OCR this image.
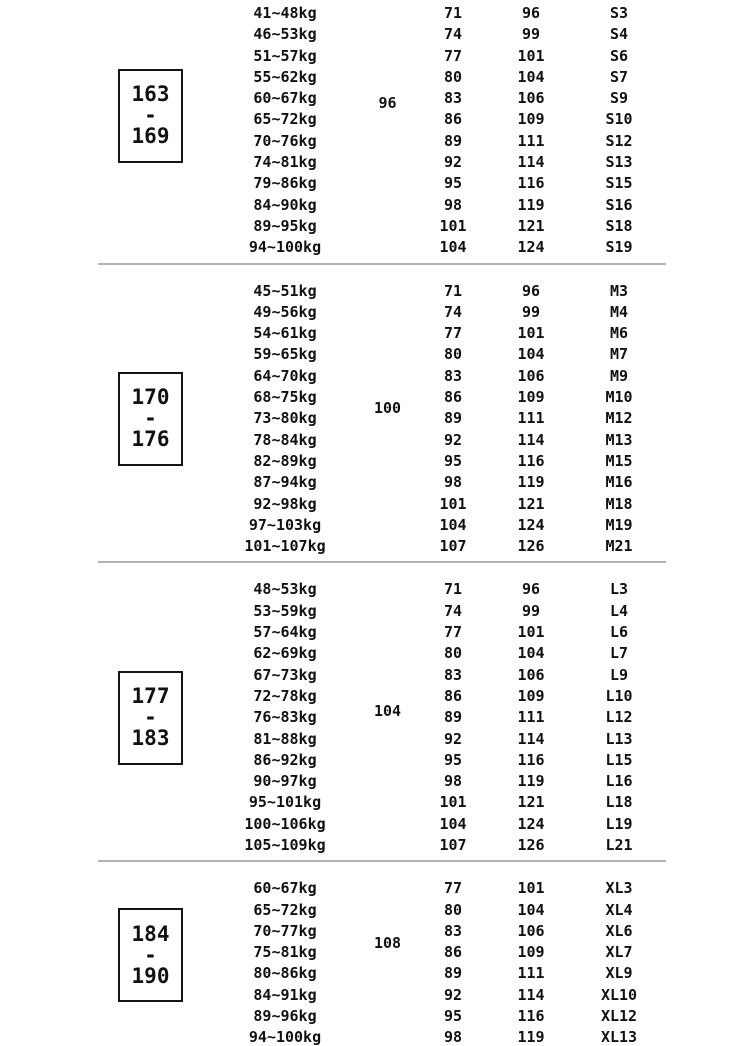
163
-
169
41~48kg
46~53kg
51~57kg
55~62kg
60~67kg
65~72kg
70~76kg
74~81kg
79~86kg
84~90kg
89~95kg
94~100kg
96
71
74
77
80
83
86
89
92
95
98
101
104
96
99
101
104
106
109
111
114
116
119
121
124
S3
S4
S6
S7
S9
S10
S12
S13
S15
S16
S18
S19
170
-
176
45~51kg
49~56kg
54~61kg
59~65kg
64~70kg
68~75kg
73~80kg
78~84kg
82~89kg
87~94kg
92~98kg
97~103kg
101~107kg
100
71
74
77
80
83
86
89
92
95
98
101
104
107
96
99
101
104
106
109
111
114
116
119
121
124
126
M3
M4
M6
M7
M9
M10
M12
M13
M15
M16
M18
M19
M21
177
-
183
48~53kg
53~59kg
57~64kg
62~69kg
67~73kg
72~78kg
76~83kg
81~88kg
86~92kg
90~97kg
95~101kg
100~106kg
105~109kg
104
71
74
77
80
83
86
89
92
95
98
101
104
107
96
99
101
104
106
109
111
114
116
119
121
124
126
L3
L4
L6
L7
L9
L10
L12
L13
L15
L16
L18
L19
L21
184
-
190
60~67kg
65~72kg
70~77kg
75~81kg
80~86kg
84~91kg
89~96kg
94~100kg
108
77
80
83
86
89
92
95
98
101
104
106
109
111
114
116
119
XL3
XL4
XL6
XL7
XL9
XL10
XL12
XL13
